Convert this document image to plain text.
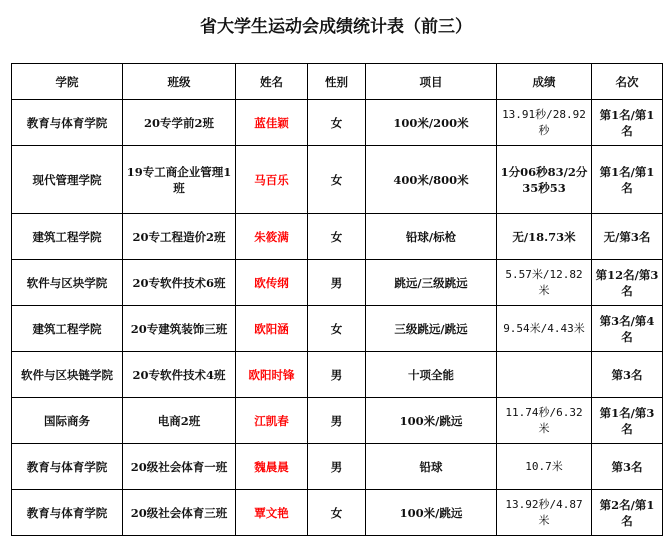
省大学生运动会成绩统计表（前三）
学院	班级	姓名	性别	项目	成绩	名次
教育与体育学院	20专学前2班	蓝佳颖	女	100米/200米	13.91秒/28.92秒	第1名/第1名
现代管理学院	19专工商企业管理1班	马百乐	女	400米/800米	1分06秒83/2分35秒53	第1名/第1名
建筑工程学院	20专工程造价2班	朱筱满	女	铅球/标枪	无/18.73米	无/第3名
软件与区块学院	20专软件技术6班	欧传纲	男	跳远/三级跳远	5.57米/12.82米	第12名/第3名
建筑工程学院	20专建筑装饰三班	欧阳涵	女	三级跳远/跳远	9.54米/4.43米	第3名/第4名
软件与区块链学院	20专软件技术4班	欧阳时锋	男	十项全能		第3名
国际商务	电商2班	江凯春	男	100米/跳远	11.74秒/6.32米	第1名/第3名
教育与体育学院	20级社会体育一班	魏晨晨	男	铅球	10.7米	第3名
教育与体育学院	20级社会体育三班	覃文艳	女	100米/跳远	13.92秒/4.87米	第2名/第1名
